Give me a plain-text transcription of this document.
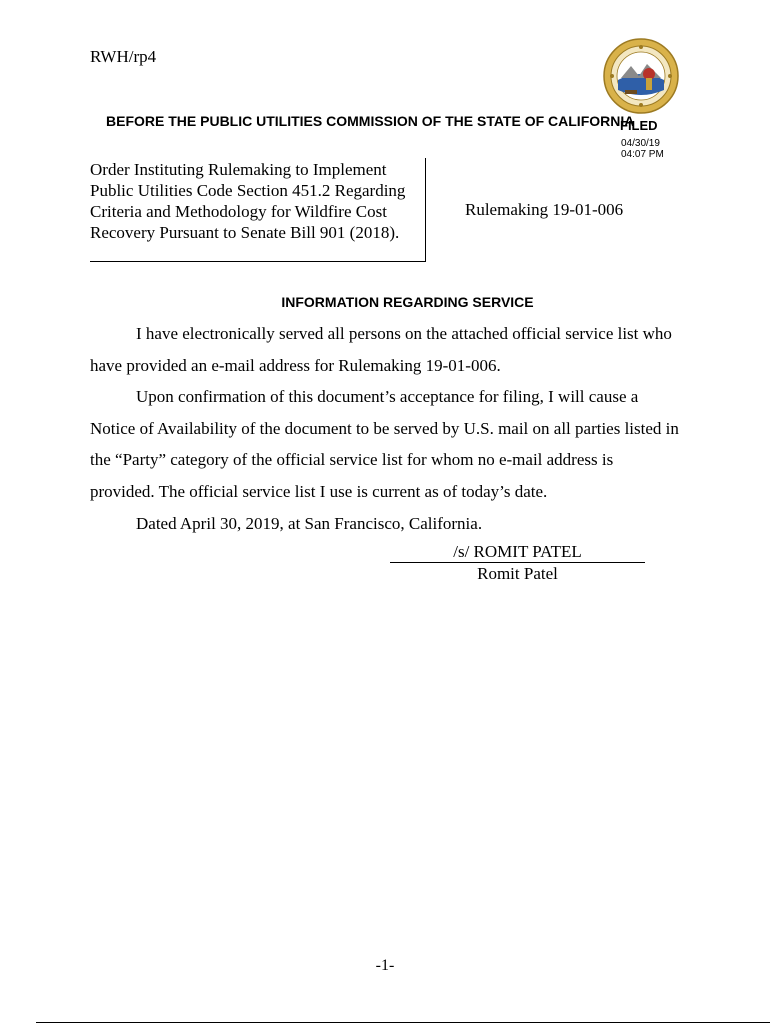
RWH/rp4
BEFORE THE PUBLIC UTILITIES COMMISSION OF THE STATE OF CALIFORNIA
FILED
04/30/19
04:07 PM
Order Instituting Rulemaking to Implement
Public Utilities Code Section 451.2 Regarding
Criteria and Methodology for Wildfire Cost
Recovery Pursuant to Senate Bill 901 (2018).
Rulemaking 19-01-006
INFORMATION REGARDING SERVICE

I have electronically served all persons on the attached official service list who have provided an e-mail address for Rulemaking 19-01-006.

Upon confirmation of this document’s acceptance for filing, I will cause a Notice of Availability of the document to be served by U.S. mail on all parties listed in the “Party” category of the official service list for whom no e-mail address is provided. The official service list I use is current as of today’s date.

Dated April 30, 2019, at San Francisco, California.

/s/ ROMIT PATEL
Romit Patel
-1-
